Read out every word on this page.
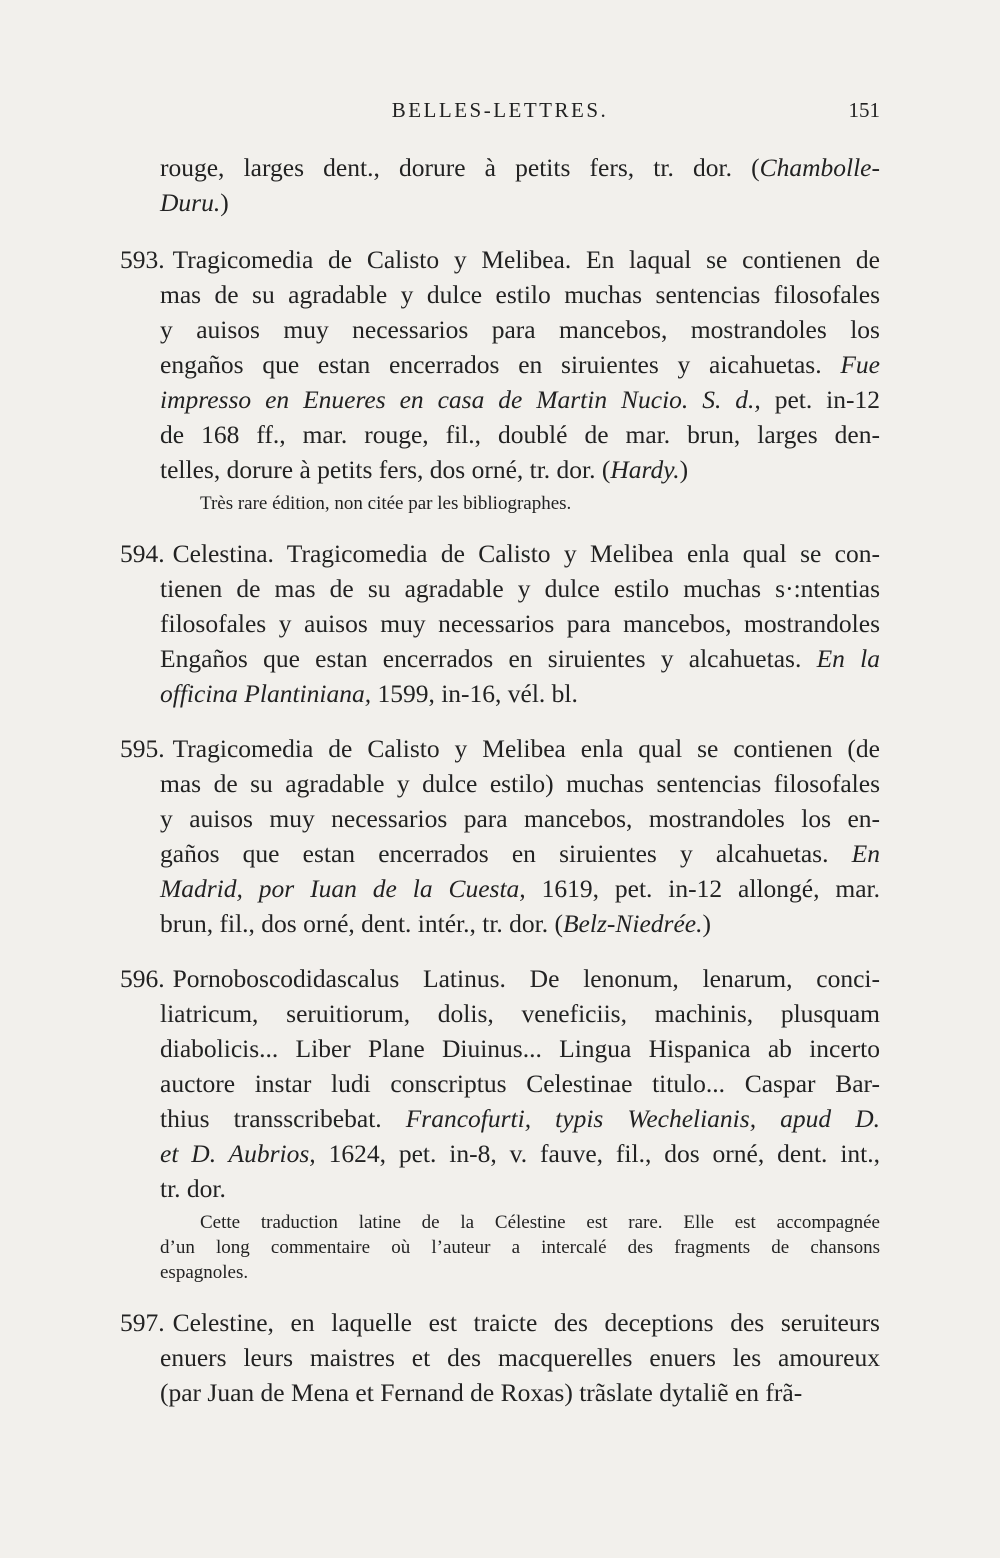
BELLES-LETTRES.	151
rouge, larges dent., dorure à petits fers, tr. dor. (Chambolle-
Duru.)
593. Tragicomedia de Calisto y Melibea. En laqual se contienen de
mas de su agradable y dulce estilo muchas sentencias filosofales
y auisos muy necessarios para mancebos, mostrandoles los
engaños que estan encerrados en siruientes y aicahuetas. Fue
impresso en Enueres en casa de Martin Nucio. S. d., pet. in-12
de 168 ff., mar. rouge, fil., doublé de mar. brun, larges den-
telles, dorure à petits fers, dos orné, tr. dor. (Hardy.)
Très rare édition, non citée par les bibliographes.
594. Celestina. Tragicomedia de Calisto y Melibea enla qual se con-
tienen de mas de su agradable y dulce estilo muchas s·:ntentias
filosofales y auisos muy necessarios para mancebos, mostrandoles
Engaños que estan encerrados en siruientes y alcahuetas. En la
officina Plantiniana, 1599, in-16, vél. bl.
595. Tragicomedia de Calisto y Melibea enla qual se contienen (de
mas de su agradable y dulce estilo) muchas sentencias filosofales
y auisos muy necessarios para mancebos, mostrandoles los en-
gaños que estan encerrados en siruientes y alcahuetas. En
Madrid, por Iuan de la Cuesta, 1619, pet. in-12 allongé, mar.
brun, fil., dos orné, dent. intér., tr. dor. (Belz-Niedrée.)
596. Pornoboscodidascalus Latinus. De lenonum, lenarum, conci-
liatricum, seruitiorum, dolis, veneficiis, machinis, plusquam
diabolicis... Liber Plane Diuinus... Lingua Hispanica ab incerto
auctore instar ludi conscriptus Celestinae titulo... Caspar Bar-
thius transscribebat. Francofurti, typis Wechelianis, apud D.
et D. Aubrios, 1624, pet. in-8, v. fauve, fil., dos orné, dent. int.,
tr. dor.
Cette traduction latine de la Célestine est rare. Elle est accompagnée
d’un long commentaire où l’auteur a intercalé des fragments de chansons
espagnoles.
597. Celestine, en laquelle est traicte des deceptions des seruiteurs
enuers leurs maistres et des macquerelles enuers les amoureux
(par Juan de Mena et Fernand de Roxas) trãslate dytaliẽ en frã-
